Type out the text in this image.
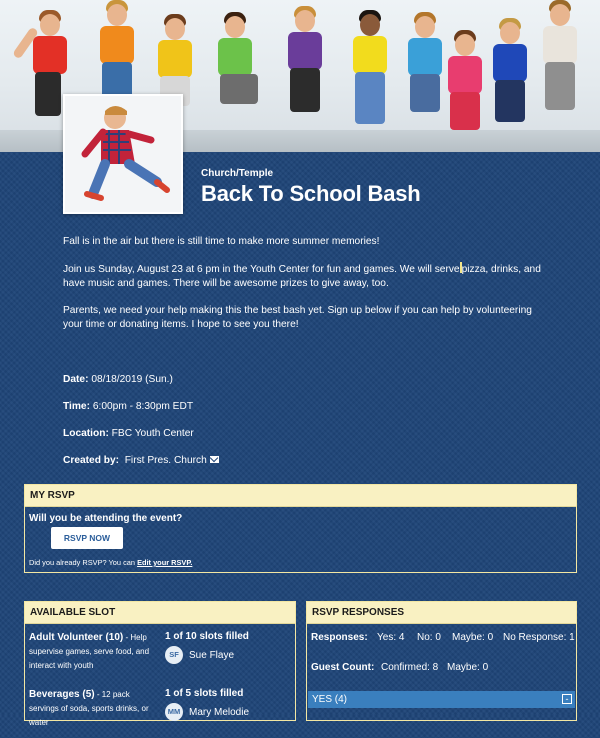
Church/Temple
Back To School Bash

Fall is in the air but there is still time to make more summer memories!

Join us Sunday, August 23 at 6 pm in the Youth Center for fun and games. We will serve pizza, drinks, and have music and games. There will be awesome prizes to give away, too.

Parents, we need your help making this the best bash yet. Sign up below if you can help by volunteering your time or donating items. I hope to see you there!

Date: 08/18/2019 (Sun.)
Time: 6:00pm - 8:30pm EDT
Location: FBC Youth Center
Created by:  First Pres. Church
MY RSVP
Will you be attending the event?
RSVP NOW
Did you already RSVP? You can Edit your RSVP.
AVAILABLE SLOT
Adult Volunteer (10) - Help supervise games, serve food, and interact with youth
1 of 10 slots filled
SF	Sue Flaye
Beverages (5) - 12 pack servings of soda, sports drinks, or water
1 of 5 slots filled
MM Mary Melodie
RSVP RESPONSES
Responses: Yes: 4 No: 0 Maybe: 0 No Response: 1
Guest Count: Confirmed: 8 Maybe: 0
YES (4)	-
